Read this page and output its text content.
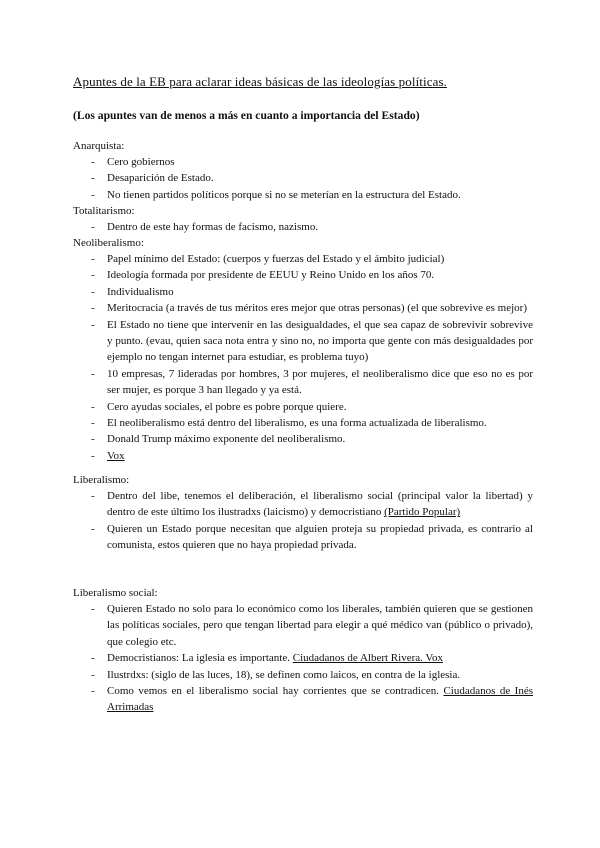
Apuntes de la EB para aclarar ideas básicas de las ideologías políticas.
(Los apuntes van de menos a más en cuanto a importancia del Estado)
Anarquista:
- Cero gobiernos
- Desaparición de Estado.
- No tienen partidos políticos porque si no se meterían en la estructura del Estado.
Totalitarismo:
- Dentro de este hay formas de facismo, nazismo.
Neoliberalismo:
- Papel mínimo del Estado: (cuerpos y fuerzas del Estado y el ámbito judicial)
- Ideología formada por presidente de EEUU y Reino Unido en los años 70.
- Individualismo
- Meritocracia (a través de tus méritos eres mejor que otras personas) (el que sobrevive es mejor)
- El Estado no tiene que intervenir en las desigualdades, el que sea capaz de sobrevivir sobrevive y punto. (evau, quien saca nota entra y sino no, no importa que gente con más desigualdades por ejemplo no tengan internet para estudiar, es problema tuyo)
- 10 empresas, 7 lideradas por hombres, 3 por mujeres, el neoliberalismo dice que eso no es por ser mujer, es porque 3 han llegado y ya está.
- Cero ayudas sociales, el pobre es pobre porque quiere.
- El neoliberalismo está dentro del liberalismo, es una forma actualizada de liberalismo.
- Donald Trump máximo exponente del neoliberalismo.
- Vox
Liberalismo:
- Dentro del libe, tenemos el deliberación, el liberalismo social (principal valor la libertad) y dentro de este último los ilustradxs (laicismo) y democristiano (Partido Popular)
- Quieren un Estado porque necesitan que alguien proteja su propiedad privada, es contrario al comunista, estos quieren que no haya propiedad privada.
Liberalismo social:
- Quieren Estado no solo para lo económico como los liberales, también quieren que se gestionen las políticas sociales, pero que tengan libertad para elegir a qué médico van (público o privado), que colegio etc.
- Democristianos: La iglesia es importante. Ciudadanos de Albert Rivera. Vox
- Ilustrdxs: (siglo de las luces, 18), se definen como laicos, en contra de la iglesia.
- Como vemos en el liberalismo social hay corrientes que se contradicen. Ciudadanos de Inés Arrimadas
